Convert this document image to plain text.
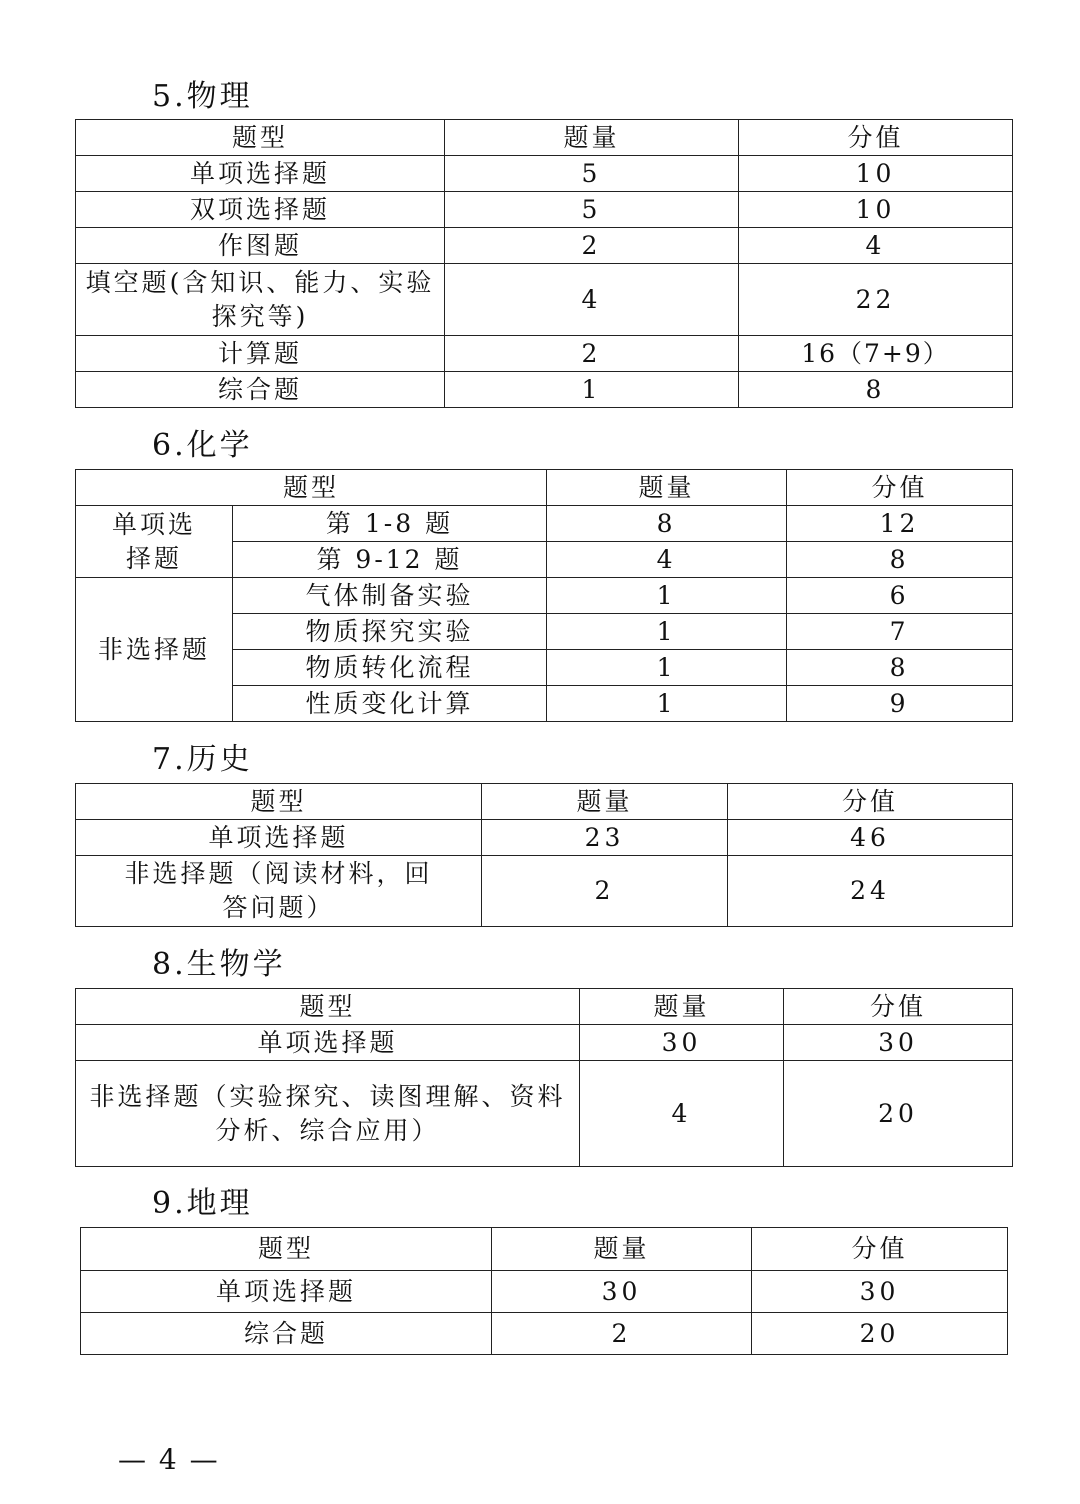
5.物理
题型	题量	分值
单项选择题	5	10
双项选择题	5	10
作图题	2	4
填空题(含知识、能力、实验探究等)	4	22
计算题	2	16（7+9）
综合题	1	8
6.化学
题型		题量	分值
单项选择题	第 1-8 题	8	12
	第 9-12 题	4	8
非选择题	气体制备实验	1	6
	物质探究实验	1	7
	物质转化流程	1	8
	性质变化计算	1	9
7.历史
题型	题量	分值
单项选择题	23	46
非选择题（阅读材料，回答问题）	2	24
8.生物学
题型	题量	分值
单项选择题	30	30
非选择题（实验探究、读图理解、资料分析、综合应用）	4	20
9.地理
题型	题量	分值
单项选择题	30	30
综合题	2	20
— 4 —
